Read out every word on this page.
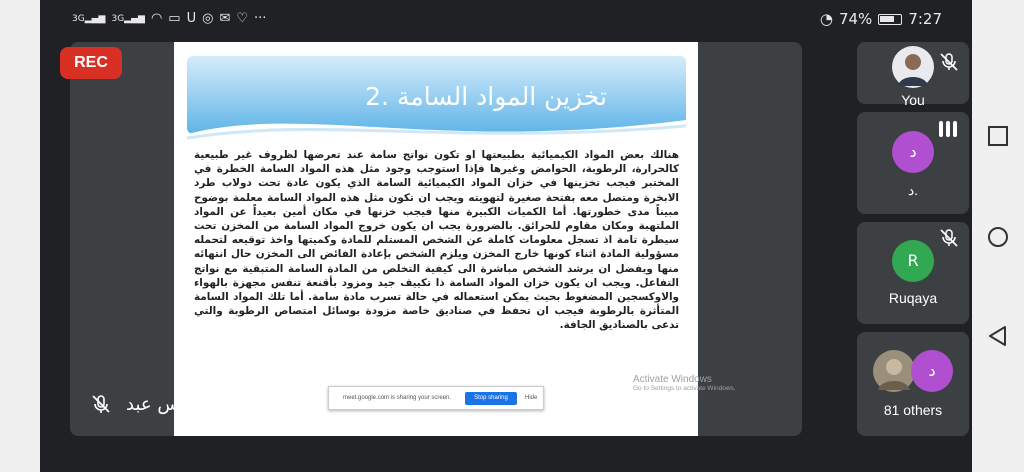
3G▂▄▆ 3G▂▄▆ ◠ ▭ U ◎ ✉ ♡ ···	◔ 74% 7:27
REC
2. تخزين المواد السامة
هنالك بعض المواد الكيميائية بطبيعتها او تكون نواتج سامة عند تعرضها لظروف غير طبيعية كالحرارة، الرطوبة، الحوامض وغيرها فإذا استوجب وجود مثل هذه المواد السامة الخطرة في المختبر فيجب تخزينها في خزان المواد الكيميائية السامة الذي يكون عادة تحت دولاب طرد الابخرة ومتصل معه بفتحة صغيرة لتهويته ويجب ان تكون مثل هذه المواد السامة معلمة بوضوح مبيناً مدى خطورتها. أما الكميات الكبيرة منها فيجب خزنها في مكان أمين بعيداً عن المواد الملتهبة ومكان مقاوم للحرائق. بالضرورة يجب ان يكون خروج المواد السامة من المخزن تحت سيطرة تامة اذ تسجل معلومات كاملة عن الشخص المستلم للمادة وكميتها واخذ توقيعه لتحمله مسؤولية المادة اثناء كونها خارج المخزن ويلزم الشخص بإعادة الفائض الى المخزن حال انتهائه منها ويفضل ان يرشد الشخص مباشرة الى كيفية التخلص من المادة السامة المتبقية مع نواتج التفاعل. ويجب ان يكون خزان المواد السامة ذا تكييف جيد ومزود بأقنعة تنفس مجهزة بالهواء والاوكسجين المضغوط بحيث يمكن استعماله في حالة تسرب مادة سامة. أما تلك المواد السامة المتأثرة بالرطوبة فيجب ان تحفظ في صناديق خاصة مزودة بوسائل امتصاص الرطوبة والتي تدعى بالصناديق الجافة.
Activate Windows
Go to Settings to activate Windows.
meet.google.com is sharing your screen.	Stop sharing	Hide
د. خديجة يونس عبد
You
د
د.
R
Ruqaya
د
81 others
